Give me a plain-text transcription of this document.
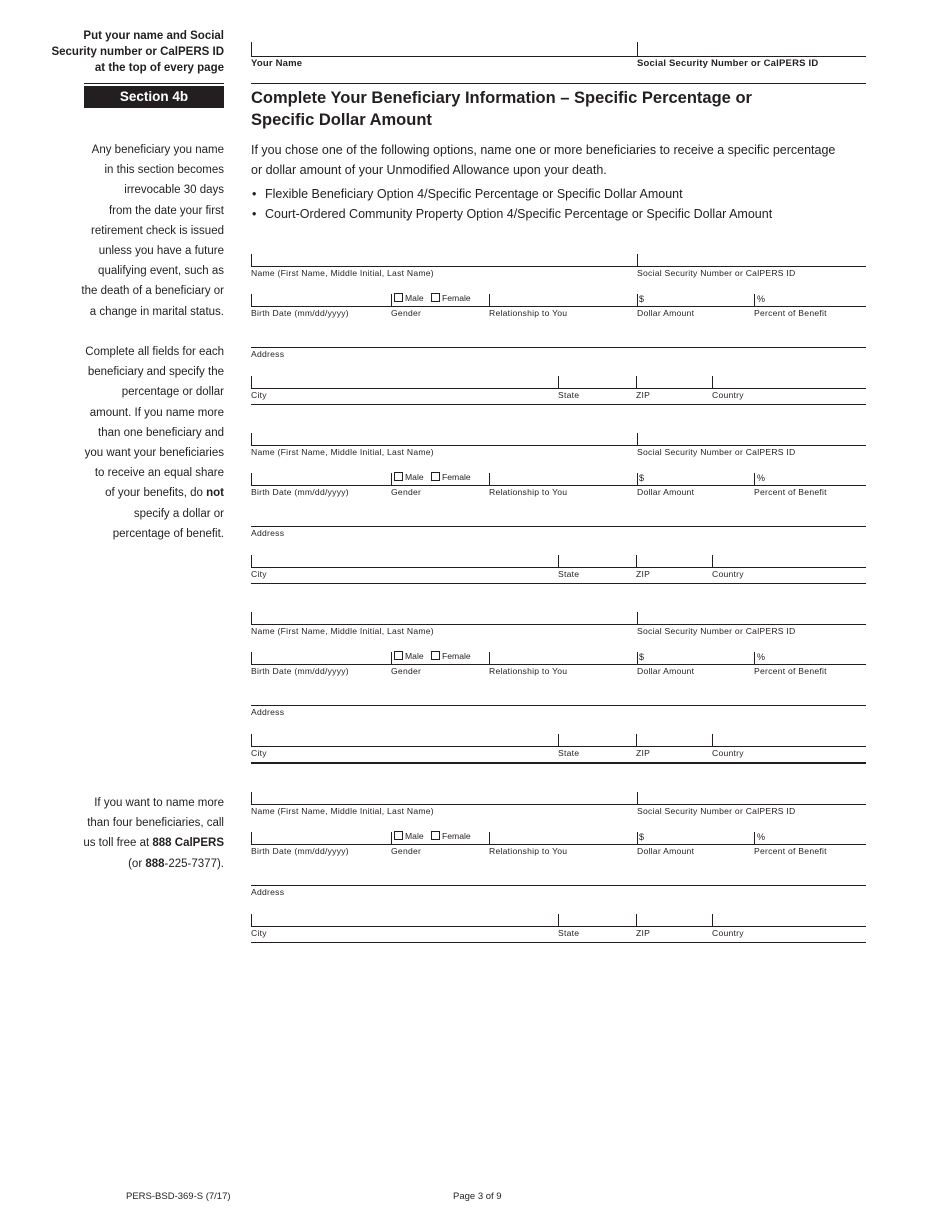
Put your name and Social
Security number or CalPERS ID
at the top of every page	Your Name	Social Security Number or CalPERS ID
Section 4b	Complete Your Beneficiary Information – Specific Percentage or
Specific Dollar Amount
If you chose one of the following options, name one or more beneficiaries to receive a specific percentage
or dollar amount of your Unmodified Allowance upon your death.
• Flexible Beneficiary Option 4/Specific Percentage or Specific Dollar Amount
• Court-Ordered Community Property Option 4/Specific Percentage or Specific Dollar Amount
Any beneficiary you name
in this section becomes
irrevocable 30 days
from the date your first
retirement check is issued
unless you have a future
qualifying event, such as
the death of a beneficiary or
a change in marital status.
Complete all fields for each
beneficiary and specify the
percentage or dollar
amount. If you name more
than one beneficiary and
you want your beneficiaries
to receive an equal share
of your benefits, do not
specify a dollar or
percentage of benefit.
If you want to name more
than four beneficiaries, call
us toll free at 888 CalPERS
(or 888-225-7377).
Name (First Name, Middle Initial, Last Name)	Social Security Number or CalPERS ID
Male	Female	$	%
Birth Date (mm/dd/yyyy)	Gender	Relationship to You	Dollar Amount	Percent of Benefit
Address
City	State	ZIP	Country
Name (First Name, Middle Initial, Last Name)	Social Security Number or CalPERS ID
Male	Female	$	%
Birth Date (mm/dd/yyyy)	Gender	Relationship to You	Dollar Amount	Percent of Benefit
Address
City	State	ZIP	Country
Name (First Name, Middle Initial, Last Name)	Social Security Number or CalPERS ID
Male	Female	$	%
Birth Date (mm/dd/yyyy)	Gender	Relationship to You	Dollar Amount	Percent of Benefit
Address
City	State	ZIP	Country
Name (First Name, Middle Initial, Last Name)	Social Security Number or CalPERS ID
Male	Female	$	%
Birth Date (mm/dd/yyyy)	Gender	Relationship to You	Dollar Amount	Percent of Benefit
Address
City	State	ZIP	Country
PERS-BSD-369-S (7/17)	Page 3 of 9
